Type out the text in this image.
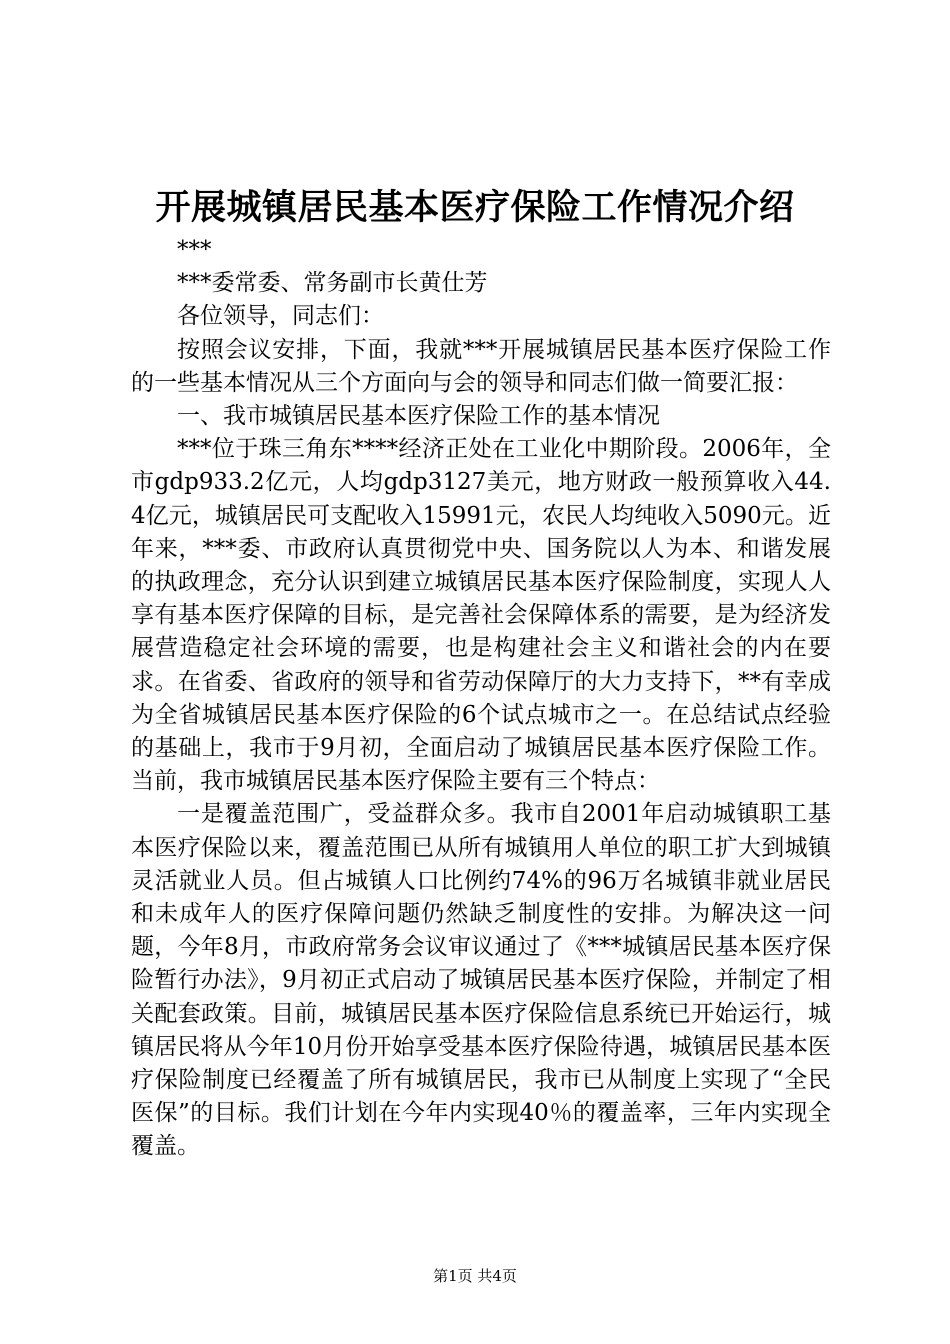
开展城镇居民基本医疗保险工作情况介绍

***

***委常委、常务副市长黄仕芳

各位领导，同志们：

按照会议安排，下面，我就***开展城镇居民基本医疗保险工作的一些基本情况从三个方面向与会的领导和同志们做一简要汇报：

一、我市城镇居民基本医疗保险工作的基本情况

***位于珠三角东****经济正处在工业化中期阶段。2006年，全市gdp933.2亿元，人均gdp3127美元，地方财政一般预算收入44.4亿元，城镇居民可支配收入15991元，农民人均纯收入5090元。近年来，***委、市政府认真贯彻党中央、国务院以人为本、和谐发展的执政理念，充分认识到建立城镇居民基本医疗保险制度，实现人人享有基本医疗保障的目标，是完善社会保障体系的需要，是为经济发展营造稳定社会环境的需要，也是构建社会主义和谐社会的内在要求。在省委、省政府的领导和省劳动保障厅的大力支持下，**有幸成为全省城镇居民基本医疗保险的6个试点城市之一。在总结试点经验的基础上，我市于9月初，全面启动了城镇居民基本医疗保险工作。当前，我市城镇居民基本医疗保险主要有三个特点：

一是覆盖范围广，受益群众多。我市自2001年启动城镇职工基本医疗保险以来，覆盖范围已从所有城镇用人单位的职工扩大到城镇灵活就业人员。但占城镇人口比例约74%的96万名城镇非就业居民和未成年人的医疗保障问题仍然缺乏制度性的安排。为解决这一问题，今年8月，市政府常务会议审议通过了《***城镇居民基本医疗保险暂行办法》，9月初正式启动了城镇居民基本医疗保险，并制定了相关配套政策。目前，城镇居民基本医疗保险信息系统已开始运行，城镇居民将从今年10月份开始享受基本医疗保险待遇，城镇居民基本医疗保险制度已经覆盖了所有城镇居民，我市已从制度上实现了“全民医保”的目标。我们计划在今年内实现40％的覆盖率，三年内实现全覆盖。

第1页 共4页
